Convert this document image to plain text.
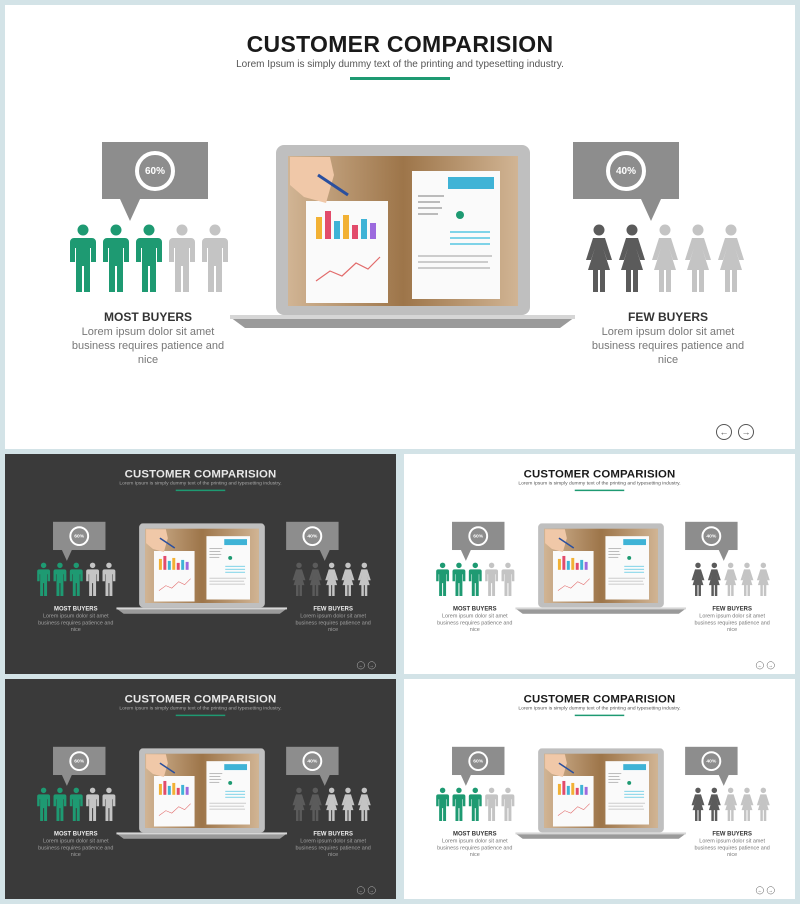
CUSTOMER COMPARISION
Lorem Ipsum is simply dummy text of the printing and typesetting industry.
60%
MOST BUYERS
Lorem ipsum dolor sit amet business requires patience and nice
40%
FEW BUYERS
Lorem ipsum dolor sit amet business requires patience and nice
←	→
CUSTOMER COMPARISION
Lorem Ipsum is simply dummy text of the printing and typesetting industry.
60%
MOST BUYERS
Lorem ipsum dolor sit amet business requires patience and nice
40%
FEW BUYERS
Lorem ipsum dolor sit amet business requires patience and nice
← →
CUSTOMER COMPARISION
Lorem Ipsum is simply dummy text of the printing and typesetting industry.
60%
MOST BUYERS
Lorem ipsum dolor sit amet business requires patience and nice
40%
FEW BUYERS
Lorem ipsum dolor sit amet business requires patience and nice
← →
CUSTOMER COMPARISION
Lorem Ipsum is simply dummy text of the printing and typesetting industry.
60%
MOST BUYERS
Lorem ipsum dolor sit amet business requires patience and nice
40%
FEW BUYERS
Lorem ipsum dolor sit amet business requires patience and nice
← →
CUSTOMER COMPARISION
Lorem Ipsum is simply dummy text of the printing and typesetting industry.
60%
MOST BUYERS
Lorem ipsum dolor sit amet business requires patience and nice
40%
FEW BUYERS
Lorem ipsum dolor sit amet business requires patience and nice
← →
